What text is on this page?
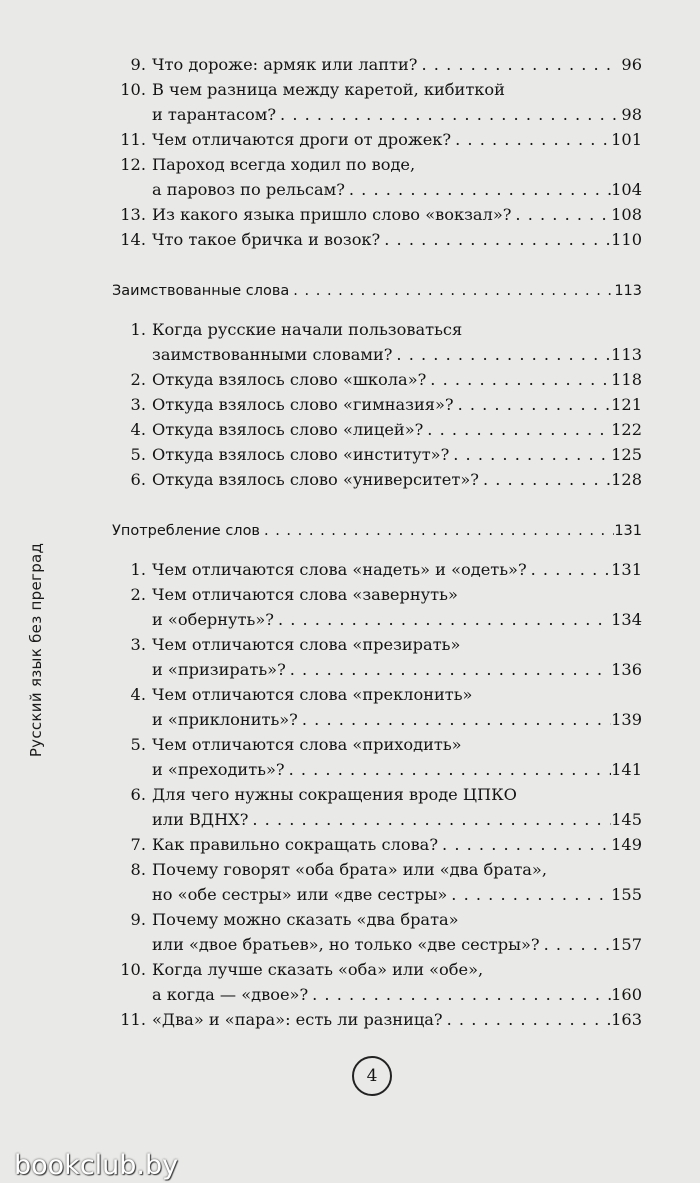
Русский язык без преград
9. Что дороже: армяк или лапти? . . .	96
10. В чем разница между каретой, кибиткой
и тарантасом? . . .	98
11. Чем отличаются дроги от дрожек? . . .	101
12. Пароход всегда ходил по воде,
а паровоз по рельсам? . . .	104
13. Из какого языка пришло слово «вокзал»? . . .	108
14. Что такое бричка и возок? . . .	110
Заимствованные слова . . .	113
1. Когда русские начали пользоваться
заимствованными словами? . . .	113
2. Откуда взялось слово «школа»? . . .	118
3. Откуда взялось слово «гимназия»? . . .	121
4. Откуда взялось слово «лицей»? . . .	122
5. Откуда взялось слово «институт»? . . .	125
6. Откуда взялось слово «университет»? . . .	128
Употребление слов . . .	131
1. Чем отличаются слова «надеть» и «одеть»? . . .	131
2. Чем отличаются слова «завернуть»
и «обернуть»? . . .	134
3. Чем отличаются слова «презирать»
и «призирать»? . . .	136
4. Чем отличаются слова «преклонить»
и «приклонить»? . . .	139
5. Чем отличаются слова «приходить»
и «преходить»? . . .	141
6. Для чего нужны сокращения вроде ЦПКО
или ВДНХ? . . .	145
7. Как правильно сокращать слова? . . .	149
8. Почему говорят «оба брата» или «два брата»,
но «обе сестры» или «две сестры» . . .	155
9. Почему можно сказать «два брата»
или «двое братьев», но только «две сестры»? . . .	157
10. Когда лучше сказать «оба» или «обе»,
а когда — «двое»? . . .	160
11. «Два» и «пара»: есть ли разница? . . .	163
4
bookclub.by
